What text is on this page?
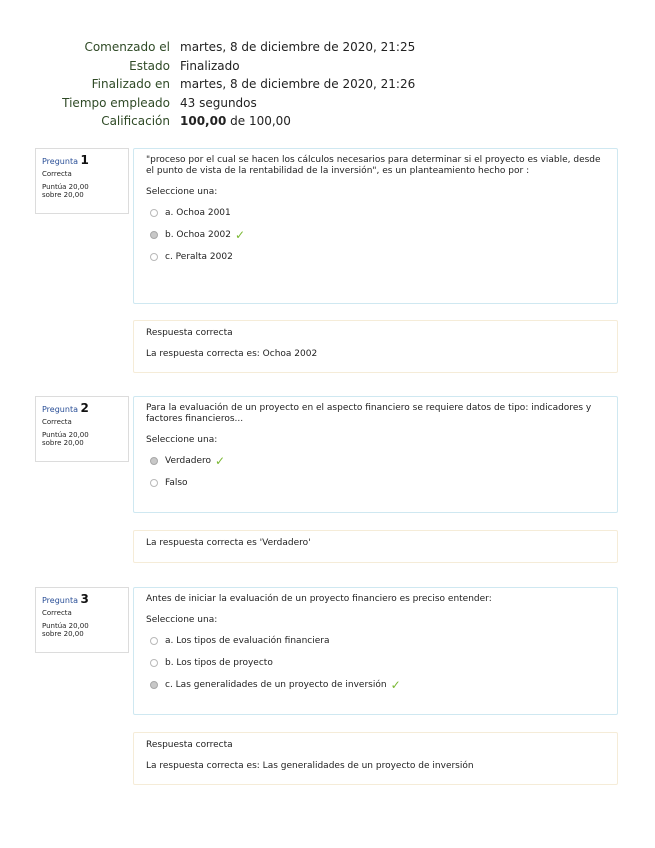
Comenzado el martes, 8 de diciembre de 2020, 21:25
Estado Finalizado
Finalizado en martes, 8 de diciembre de 2020, 21:26
Tiempo empleado 43 segundos
Calificación 100,00 de 100,00
Pregunta 1
Correcta
Puntúa 20,00
sobre 20,00
"proceso por el cual se hacen los cálculos necesarios para determinar si el proyecto es viable, desde el punto de vista de la rentabilidad de la inversión", es un planteamiento hecho por :
Seleccione una:
a. Ochoa 2001
b. Ochoa 2002 ✓
c. Peralta 2002
Respuesta correcta
La respuesta correcta es: Ochoa 2002
Pregunta 2
Correcta
Puntúa 20,00
sobre 20,00
Para la evaluación de un proyecto en el aspecto financiero se requiere datos de tipo: indicadores y factores financieros...
Seleccione una:
Verdadero ✓
Falso
La respuesta correcta es 'Verdadero'
Pregunta 3
Correcta
Puntúa 20,00
sobre 20,00
Antes de iniciar la evaluación de un proyecto financiero es preciso entender:
Seleccione una:
a. Los tipos de evaluación financiera
b. Los tipos de proyecto
c. Las generalidades de un proyecto de inversión ✓
Respuesta correcta
La respuesta correcta es: Las generalidades de un proyecto de inversión
